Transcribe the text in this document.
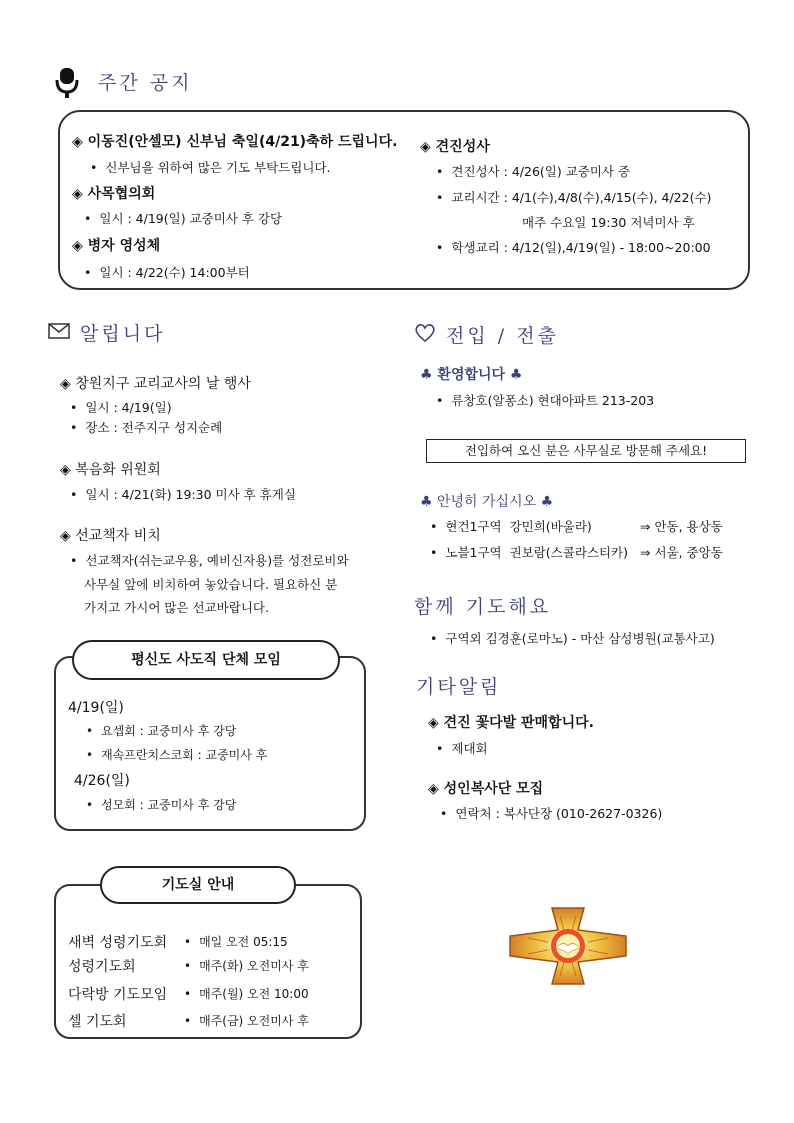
주간 공지
◈ 이동진(안셀모) 신부님 축일(4/21)축하 드립니다.
• 신부님을 위하여 많은 기도 부탁드립니다.
◈ 사목협의회
• 일시 : 4/19(일) 교중미사 후 강당
◈ 병자 영성체
• 일시 : 4/22(수) 14:00부터
◈ 견진성사
• 견진성사 : 4/26(일) 교중미사 중
• 교리시간 : 4/1(수),4/8(수),4/15(수), 4/22(수)
매주 수요일 19:30 저녁미사 후
• 학생교리 : 4/12(일),4/19(일) - 18:00~20:00
알립니다
◈ 창원지구 교리교사의 날 행사
• 일시 : 4/19(일)
• 장소 : 전주지구 성지순례
◈ 복음화 위원회
• 일시 : 4/21(화) 19:30 미사 후 휴게실
◈ 선교책자 비치
• 선교책자(쉬는교우용, 예비신자용)를 성전로비와
사무실 앞에 비치하여 놓았습니다. 필요하신 분
가지고 가시어 많은 선교바랍니다.
평신도 사도직 단체 모임
4/19(일)
• 요셉회 : 교중미사 후 강당
• 재속프란치스코회 : 교중미사 후
4/26(일)
• 성모회 : 교중미사 후 강당
기도실 안내
새벽 성령기도회	• 매일 오전 05:15
성령기도회	• 매주(화) 오전미사 후
다락방 기도모임	• 매주(월) 오전 10:00
셀 기도회	• 매주(금) 오전미사 후
전입 / 전출
♣ 환영합니다 ♣
• 류창호(알퐁소) 현대아파트 213-203
전입하여 오신 분은 사무실로 방문해 주세요!
♣ 안녕히 가십시오 ♣
• 현건1구역  강민희(바울라)	⇒ 안동, 용상동
• 노블1구역  권보람(스콜라스티카) ⇒ 서울, 중앙동
함께 기도해요
• 구역외 김경훈(로마노) - 마산 삼성병원(교통사고)
기타알림
◈ 견진 꽃다발 판매합니다.
• 제대회
◈ 성인복사단 모집
• 연락처 : 복사단장 (010-2627-0326)
